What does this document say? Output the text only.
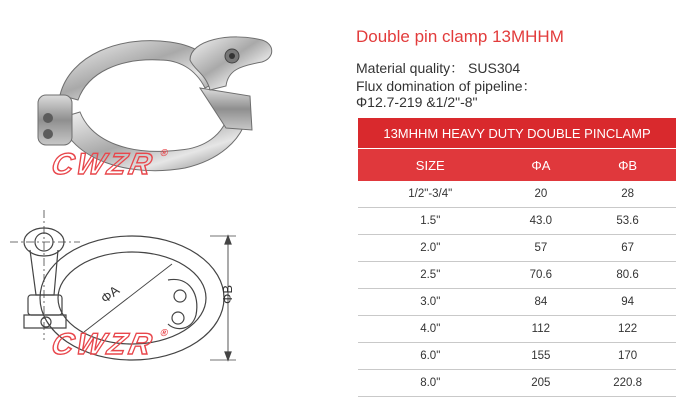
ΦA	ΦB
CWZR ®
CWZR ®
Double pin clamp 13MHHM
Material quality： SUS304
Flux domination of pipeline：
Φ12.7-219 &1/2"-8"
13MHHM HEAVY DUTY DOUBLE PINCLAMP		
SIZE	ΦA	ΦB
1/2"-3/4"	20	28
1.5"	43.0	53.6
2.0"	57	67
2.5"	70.6	80.6
3.0"	84	94
4.0"	112	122
6.0"	155	170
8.0"	205	220.8
